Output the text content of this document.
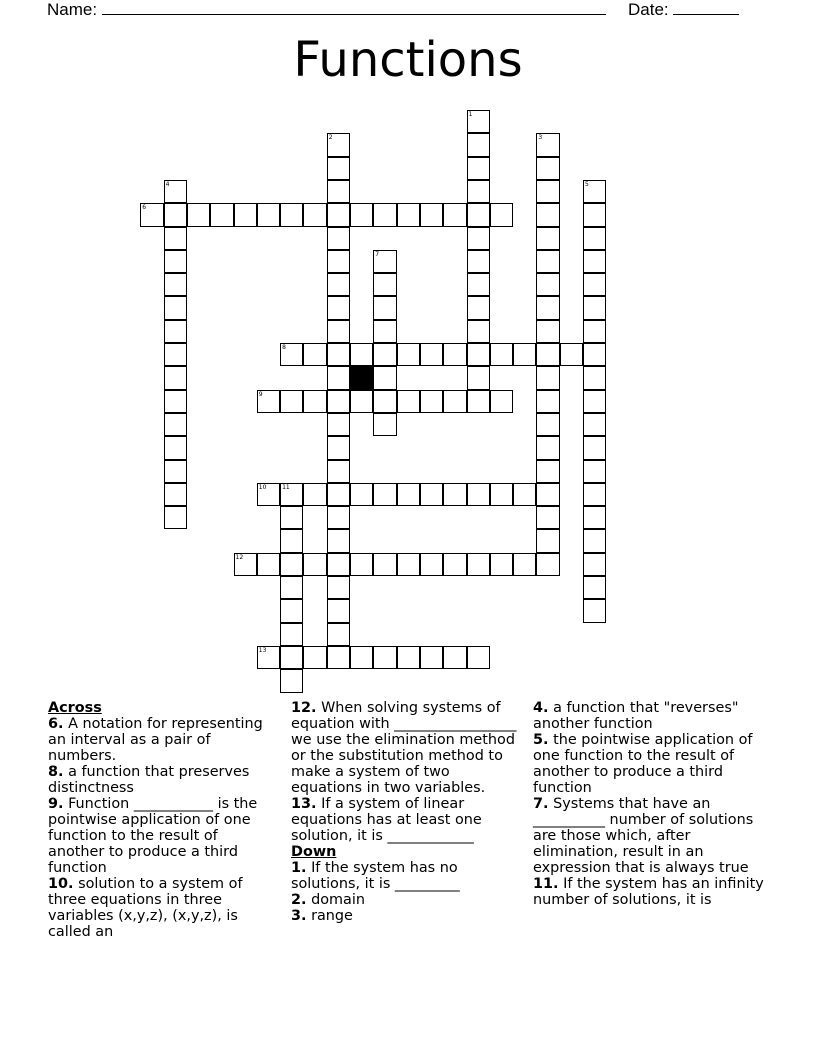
Name:	Date:
Functions
1
2	3
4	5
6
7
8
9
10	11
12
13
Across
6. A notation for representing an interval as a pair of numbers.
8. a function that preserves distinctness
9. Function ___________ is the pointwise application of one function to the result of another to produce a third function
10. solution to a system of three equations in three variables (x,y,z), (x,y,z), is called an
12. When solving systems of equation with _________________ we use the elimination method or the substitution method to make a system of two equations in two variables.
13. If a system of linear equations has at least one solution, it is ____________
Down
1. If the system has no solutions, it is _________
2. domain
3. range
4. a function that "reverses" another function
5. the pointwise application of one function to the result of another to produce a third function
7. Systems that have an __________ number of solutions are those which, after elimination, result in an expression that is always true
11. If the system has an infinity number of solutions, it is
